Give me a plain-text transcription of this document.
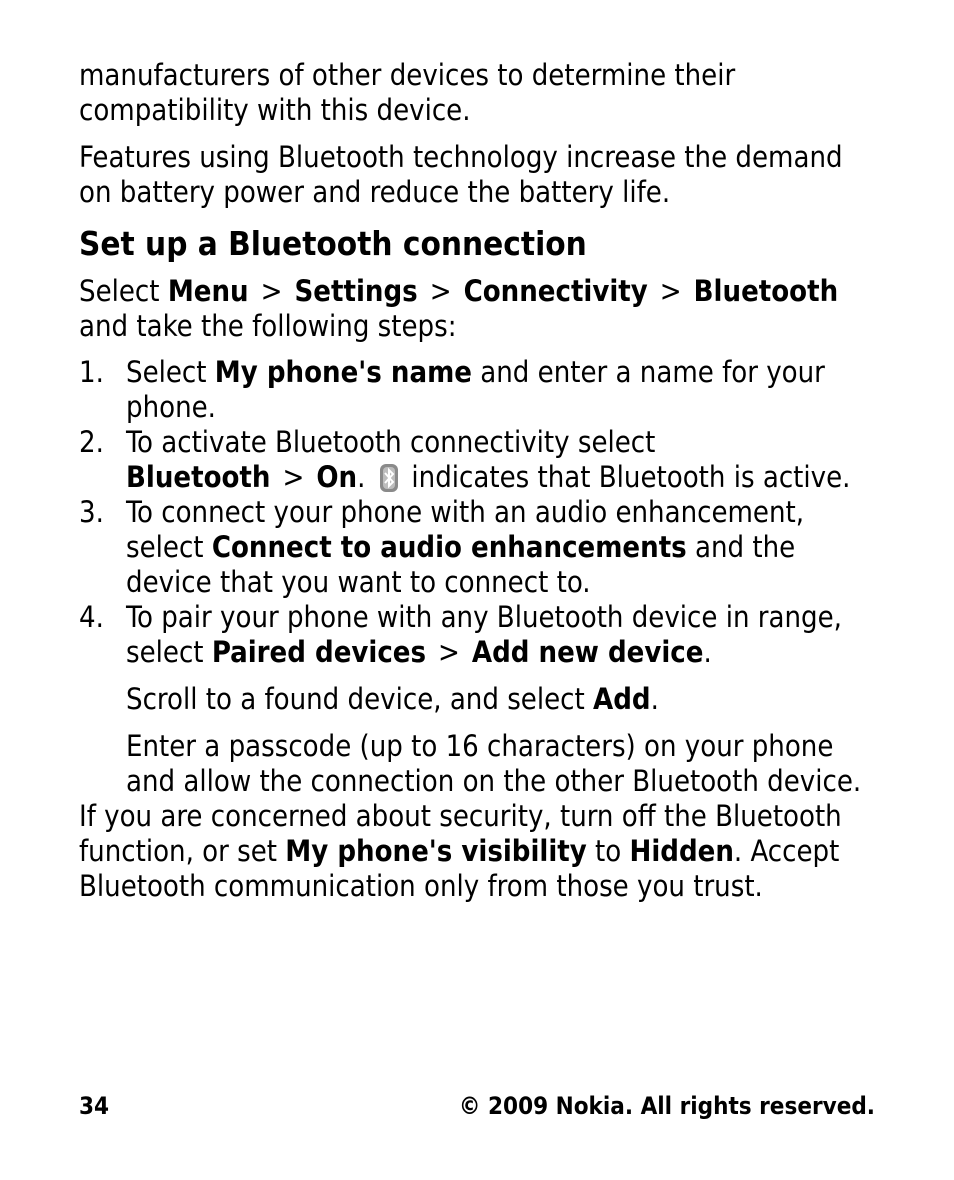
manufacturers of other devices to determine their compatibility with this device.

Features using Bluetooth technology increase the demand on battery power and reduce the battery life.

Set up a Bluetooth connection

Select Menu > Settings > Connectivity > Bluetooth and take the following steps:

1. Select My phone's name and enter a name for your phone.
2. To activate Bluetooth connectivity select Bluetooth > On. indicates that Bluetooth is active.
3. To connect your phone with an audio enhancement, select Connect to audio enhancements and the device that you want to connect to.
4. To pair your phone with any Bluetooth device in range, select Paired devices > Add new device.
Scroll to a found device, and select Add.
Enter a passcode (up to 16 characters) on your phone and allow the connection on the other Bluetooth device.

If you are concerned about security, turn off the Bluetooth function, or set My phone's visibility to Hidden. Accept Bluetooth communication only from those you trust.

34	© 2009 Nokia. All rights reserved.
